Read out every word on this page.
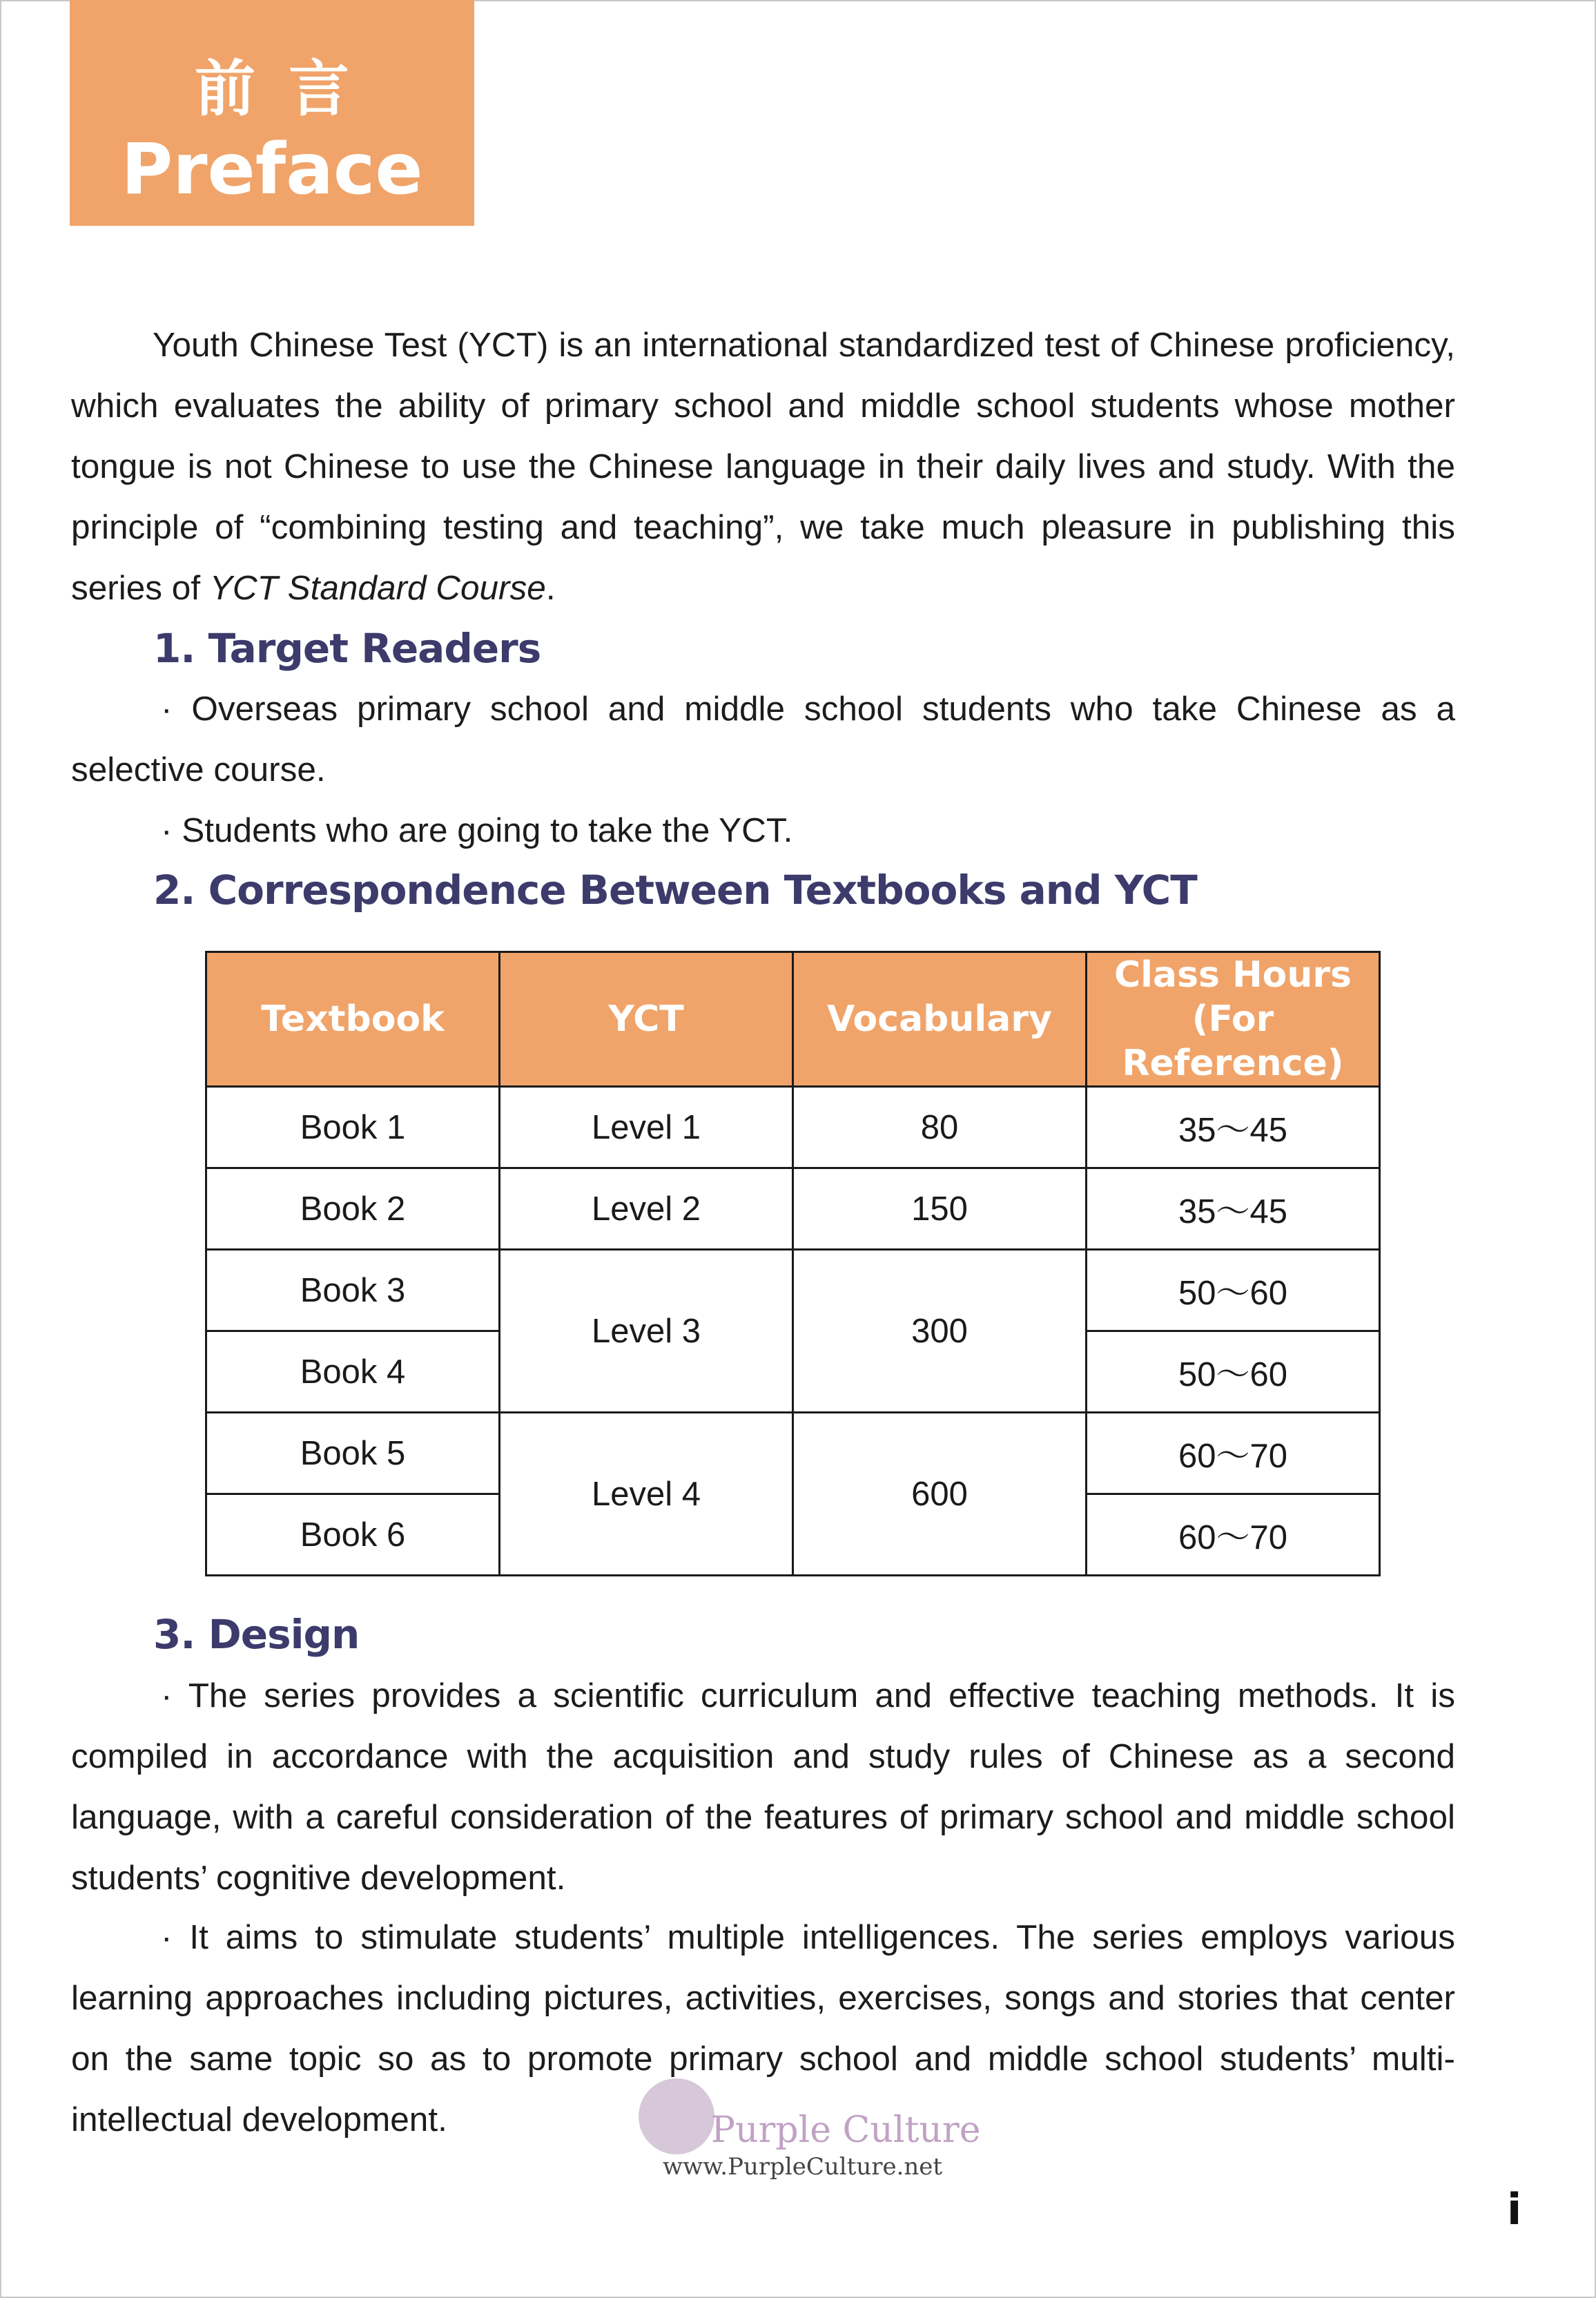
前言
Preface
Youth Chinese Test (YCT) is an international standardized test of Chinese proficiency, which evaluates the ability of primary school and middle school students whose mother tongue is not Chinese to use the Chinese language in their daily lives and study. With the principle of “combining testing and teaching”, we take much pleasure in publishing this series of YCT Standard Course.
1. Target Readers
· Overseas primary school and middle school students who take Chinese as a selective course.
· Students who are going to take the YCT.
2. Correspondence Between Textbooks and YCT
Textbook	YCT	Vocabulary	Class Hours
(For Reference)
Book 1	Level 1	80	35～45
Book 2	Level 2	150	35～45
Book 3	Level 3	300	50～60
Book 4			50～60
Book 5	Level 4	600	60～70
Book 6			60～70
3. Design
· The series provides a scientific curriculum and effective teaching methods. It is compiled in accordance with the acquisition and study rules of Chinese as a second language, with a careful consideration of the features of primary school and middle school students’ cognitive development.
· It aims to stimulate students’ multiple intelligences. The series employs various learning approaches including pictures, activities, exercises, songs and stories that center on the same topic so as to promote primary school and middle school students’ multi-intellectual development.	Purple Culture
www.PurpleCulture.net
i
